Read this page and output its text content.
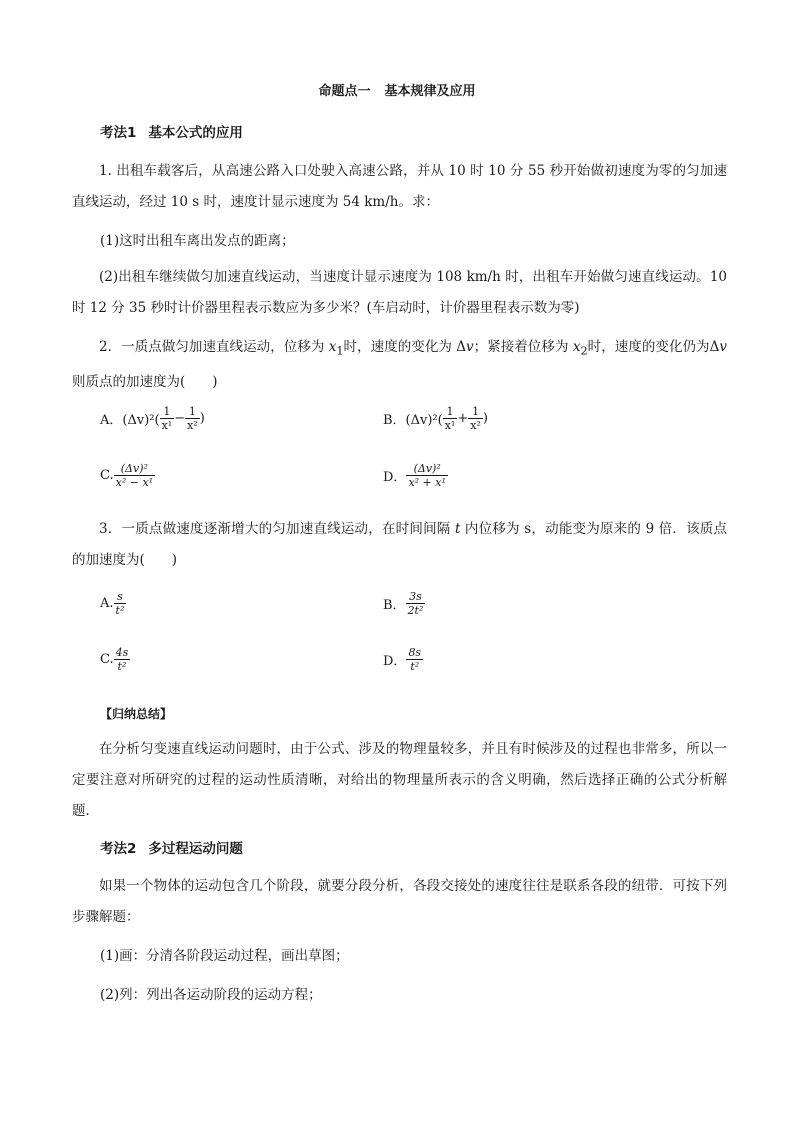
命题点一 基本规律及应用
考法1 基本公式的应用
1. 出租车载客后，从高速公路入口处驶入高速公路，并从 10 时 10 分 55 秒开始做初速度为零的匀加速直线运动，经过 10 s 时，速度计显示速度为 54 km/h。求：
(1)这时出租车离出发点的距离；
(2)出租车继续做匀加速直线运动，当速度计显示速度为 108 km/h 时，出租车开始做匀速直线运动。10 时 12 分 35 秒时计价器里程表示数应为多少米？(车启动时，计价器里程表示数为零)
2．一质点做匀加速直线运动，位移为 $x_1$时，速度的变化为 Δv；紧接着位移为 $x_2$时，速度的变化仍为Δv则质点的加速度为(　　)
A．$(\Delta v)^2( \frac{1}{\text{x¹}} - \frac{1}{\text{x²}}$ )	B．$(\Delta v)^2( \frac{1}{\text{x¹}} + \frac{1}{\text{x²}}$ )
C. $\frac{\text{(Δv)²}}{\text{x² − x¹}}$	D． $\frac{\text{(Δv)²}}{\text{x² + x¹}}$
3．一质点做速度逐渐增大的匀加速直线运动，在时间间隔 t 内位移为 s，动能变为原来的 9 倍．该质点的加速度为(　　)
A. $\frac{s}{\text{t²}}$	B． $\frac{3s}{\text{2t²}}$
C. $\frac{4s}{\text{t²}}$	D． $\frac{8s}{\text{t²}}$
【归纳总结】
在分析匀变速直线运动问题时，由于公式、涉及的物理量较多，并且有时候涉及的过程也非常多，所以一定要注意对所研究的过程的运动性质清晰，对给出的物理量所表示的含义明确，然后选择正确的公式分析解题．
考法2 多过程运动问题
如果一个物体的运动包含几个阶段，就要分段分析，各段交接处的速度往往是联系各段的纽带．可按下列步骤解题：
(1)画：分清各阶段运动过程，画出草图；
(2)列：列出各运动阶段的运动方程；
